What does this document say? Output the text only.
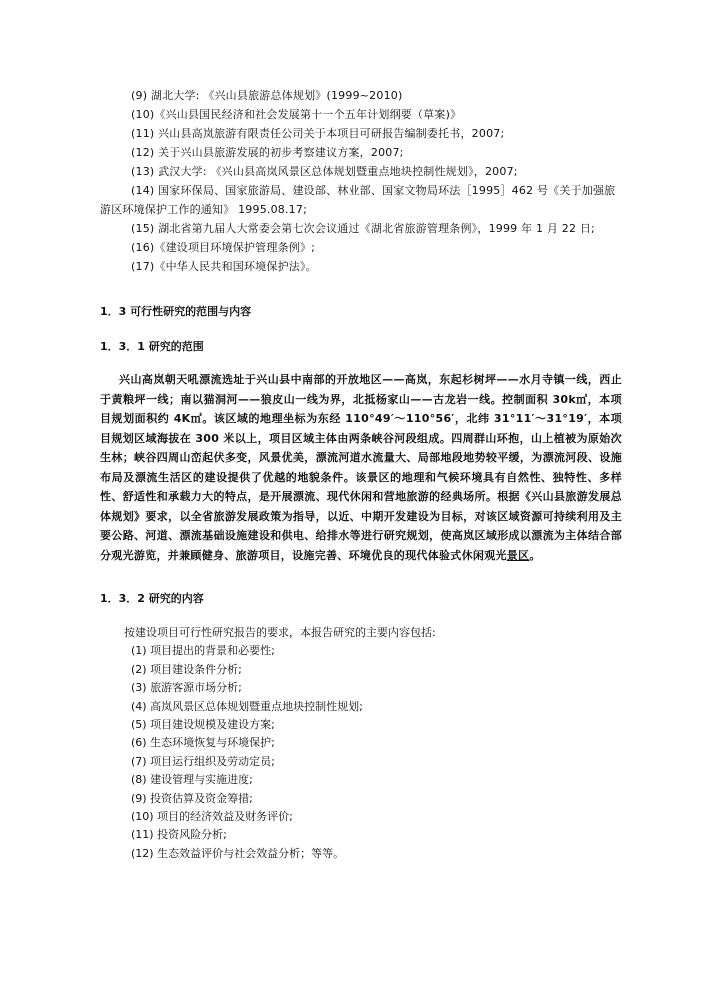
(9) 湖北大学: 《兴山县旅游总体规划》(1999~2010)

(10)《兴山县国民经济和社会发展第十一个五年计划纲要（草案)》

(11) 兴山县高岚旅游有限责任公司关于本项目可研报告编制委托书，2007;

(12) 关于兴山县旅游发展的初步考察建议方案，2007;

(13) 武汉大学: 《兴山县高岚风景区总体规划暨重点地块控制性规划》，2007;

(14) 国家环保局、国家旅游局、建设部、林业部、国家文物局环法［1995］462 号《关于加强旅游区环境保护工作的通知》 1995.08.17;

(15) 湖北省第九届人大常委会第七次会议通过《湖北省旅游管理条例》，1999 年 1 月 22 日;

(16)《建设项目环境保护管理条例》;

(17)《中华人民共和国环境保护法》。

1．3 可行性研究的范围与内容

1．3．1 研究的范围

兴山高岚朝天吼漂流选址于兴山县中南部的开放地区——高岚，东起杉树坪——水月寺镇一线，西止于黄粮坪一线；南以猫洞河——狼皮山一线为界，北抵杨家山——古龙岩一线。控制面积 30k㎡，本项目规划面积约 4K㎡。该区域的地理坐标为东经 110°49′～110°56′，北纬 31°11′～31°19′，本项目规划区域海拔在 300 米以上，项目区域主体由两条峡谷河段组成。四周群山环抱，山上植被为原始次生林；峡谷四周山峦起伏多变，风景优美，漂流河道水流量大、局部地段地势较平缓，为漂流河段、设施布局及漂流生活区的建设提供了优越的地貌条件。该景区的地理和气候环境具有自然性、独特性、多样性、舒适性和承载力大的特点，是开展漂流、现代休闲和营地旅游的经典场所。根据《兴山县旅游发展总体规划》要求，以全省旅游发展政策为指导，以近、中期开发建设为目标，对该区域资源可持续利用及主要公路、河道、漂流基础设施建设和供电、给排水等进行研究规划，使高岚区域形成以漂流为主体结合部分观光游览，并兼顾健身、旅游项目，设施完善、环境优良的现代体验式休闲观光景区。

1．3．2 研究的内容

按建设项目可行性研究报告的要求，本报告研究的主要内容包括:

(1) 项目提出的背景和必要性;

(2) 项目建设条件分析;

(3) 旅游客源市场分析;

(4) 高岚风景区总体规划暨重点地块控制性规划;

(5) 项目建设规模及建设方案;

(6) 生态环境恢复与环境保护;

(7) 项目运行组织及劳动定员;

(8) 建设管理与实施进度;

(9) 投资估算及资金筹措;

(10) 项目的经济效益及财务评价;

(11) 投资风险分析;

(12) 生态效益评价与社会效益分析；等等。
